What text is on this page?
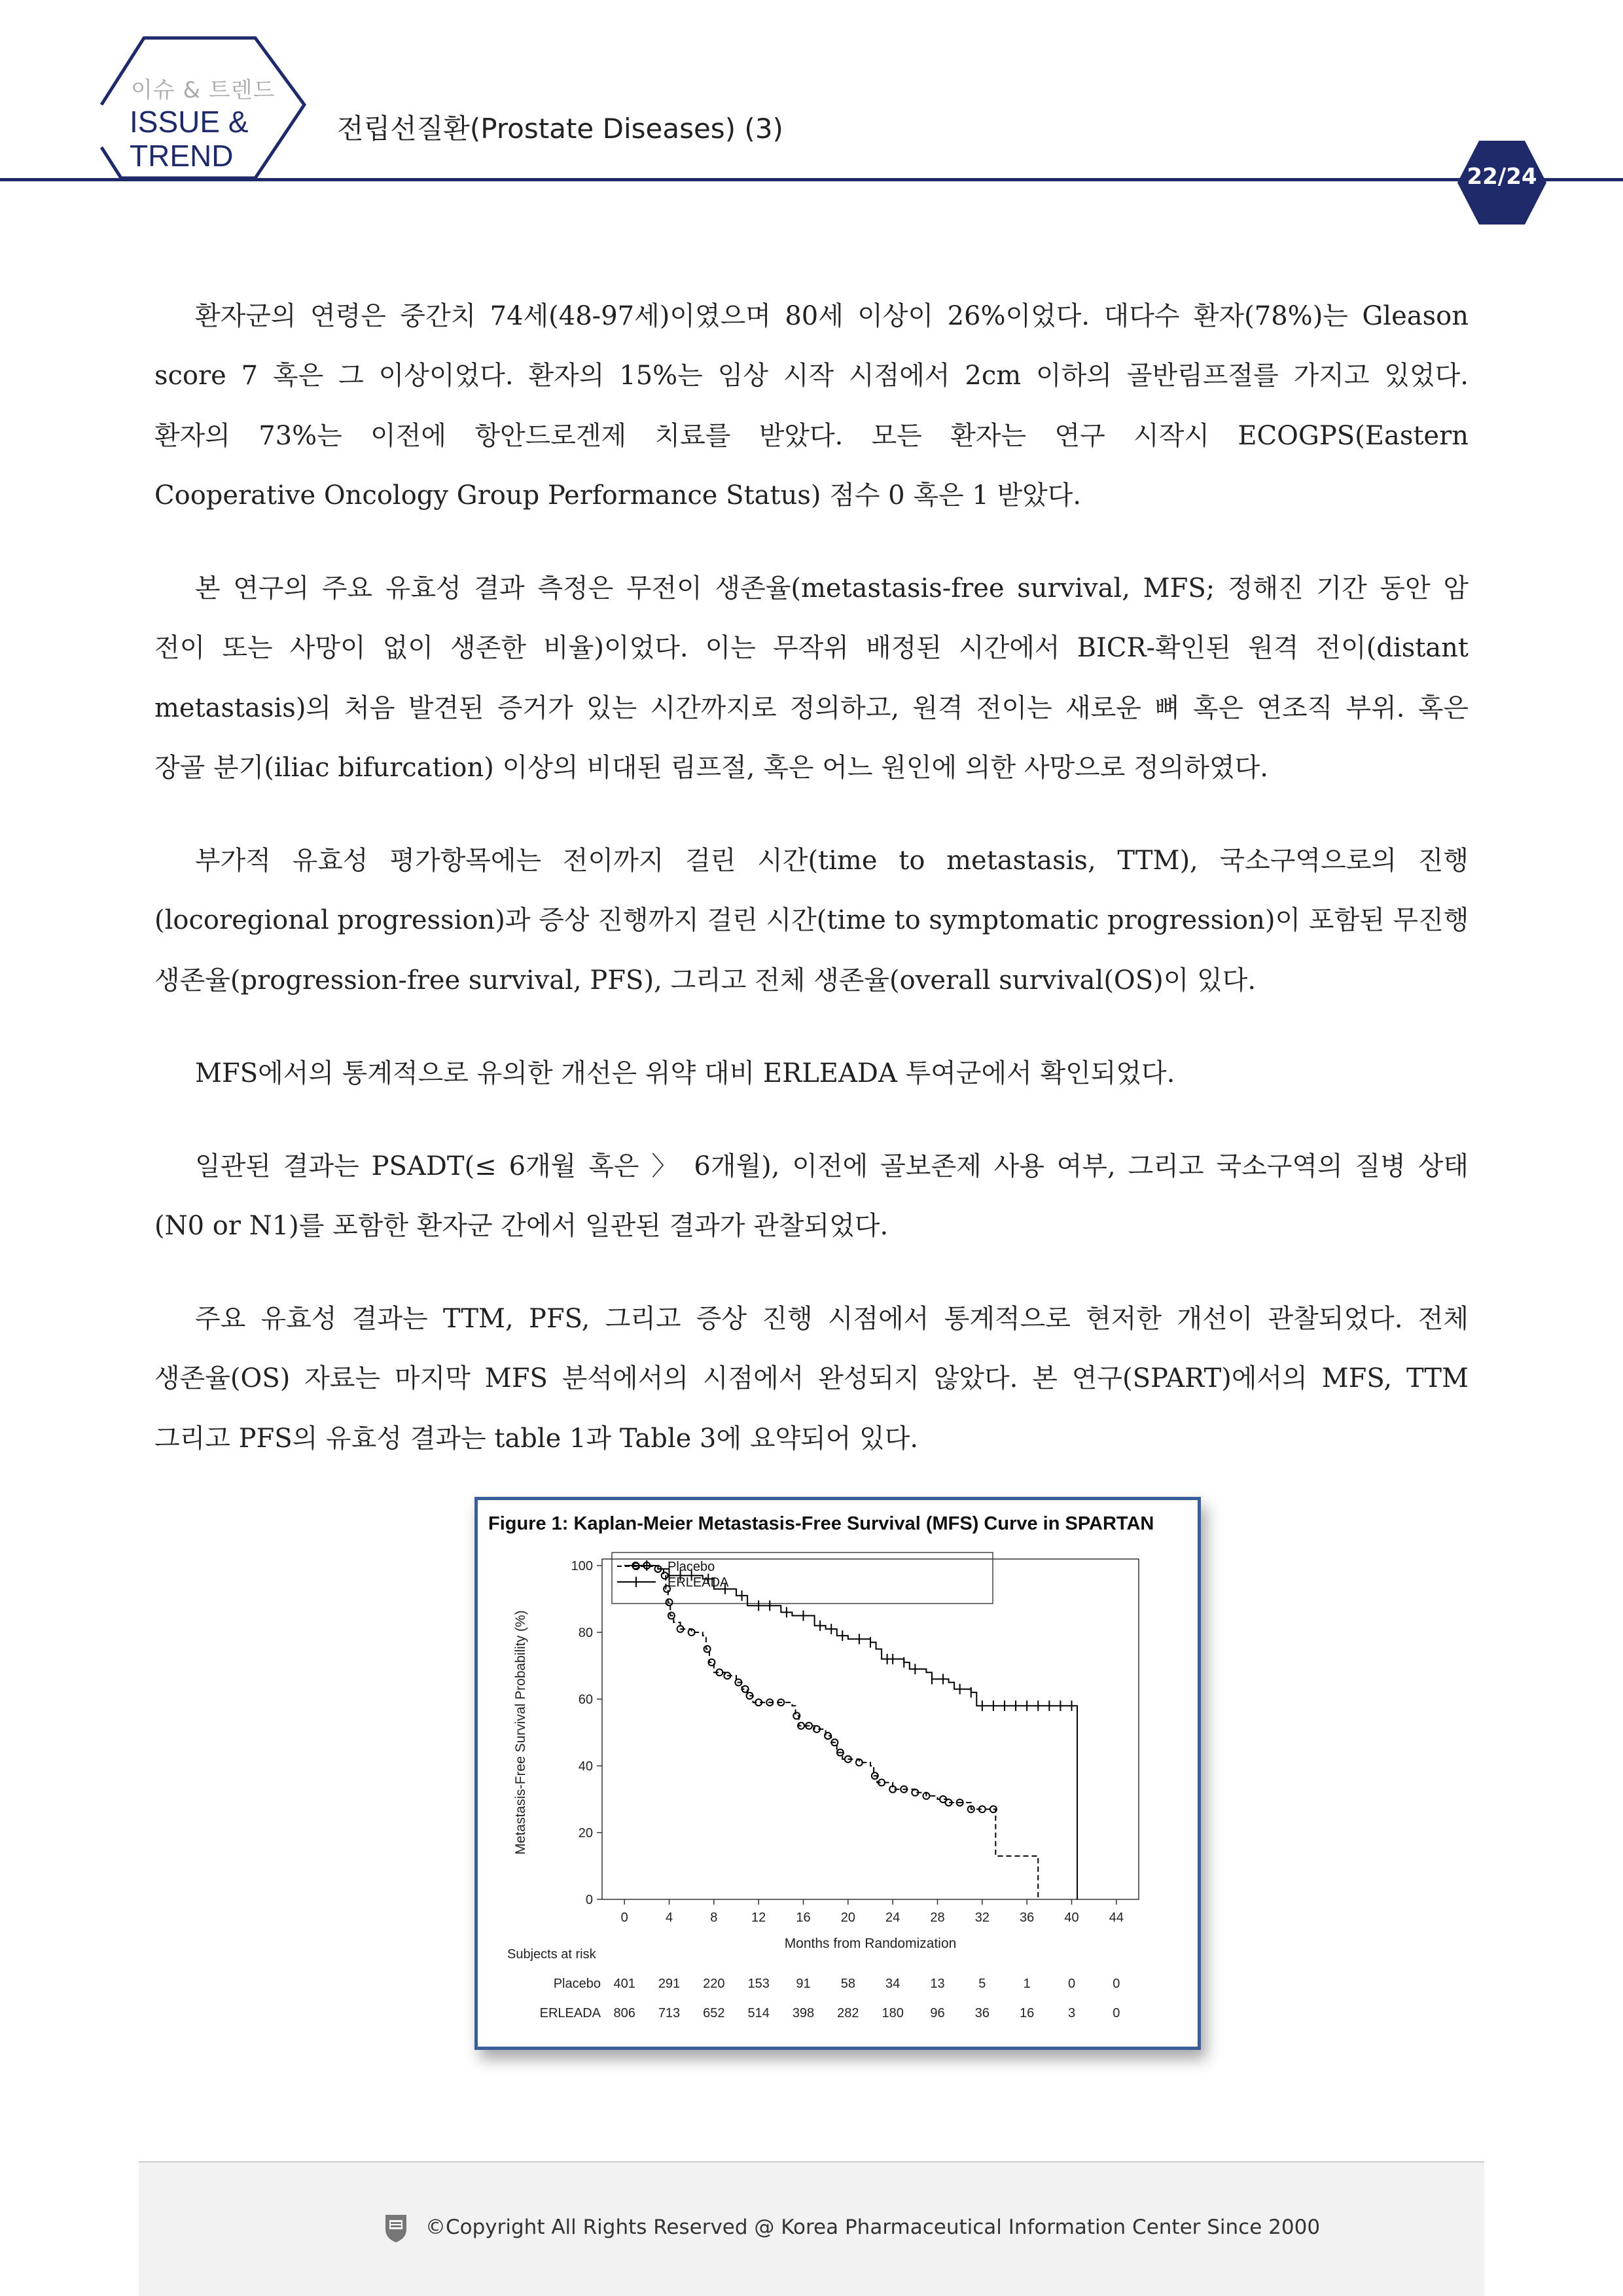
이슈 & 트렌드
ISSUE &
TREND
전립선질환(Prostate Diseases) (3)
22/24
환자군의 연령은 중간치 74세(48-97세)이였으며 80세 이상이 26%이었다. 대다수 환자(78%)는 Gleason
score 7 혹은 그 이상이었다. 환자의 15%는 임상 시작 시점에서 2cm 이하의 골반림프절를 가지고 있었다.
환자의 73%는 이전에 항안드로겐제 치료를 받았다. 모든 환자는 연구 시작시 ECOGPS(Eastern
Cooperative Oncology Group Performance Status) 점수 0 혹은 1 받았다.
본 연구의 주요 유효성 결과 측정은 무전이 생존율(metastasis-free survival, MFS; 정해진 기간 동안 암
전이 또는 사망이 없이 생존한 비율)이었다. 이는 무작위 배정된 시간에서 BICR-확인된 원격 전이(distant
metastasis)의 처음 발견된 증거가 있는 시간까지로 정의하고, 원격 전이는 새로운 뼈 혹은 연조직 부위. 혹은
장골 분기(iliac bifurcation) 이상의 비대된 림프절, 혹은 어느 원인에 의한 사망으로 정의하였다.
부가적 유효성 평가항목에는 전이까지 걸린 시간(time to metastasis, TTM), 국소구역으로의 진행
(locoregional progression)과 증상 진행까지 걸린 시간(time to symptomatic progression)이 포함된 무진행
생존율(progression-free survival, PFS), 그리고 전체 생존율(overall survival(OS)이 있다.
MFS에서의 통계적으로 유의한 개선은 위약 대비 ERLEADA 투여군에서 확인되었다.
일관된 결과는 PSADT(≤ 6개월 혹은 〉 6개월), 이전에 골보존제 사용 여부, 그리고 국소구역의 질병 상태
(N0 or N1)를 포함한 환자군 간에서 일관된 결과가 관찰되었다.
주요 유효성 결과는 TTM, PFS, 그리고 증상 진행 시점에서 통계적으로 현저한 개선이 관찰되었다. 전체
생존율(OS) 자료는 마지막 MFS 분석에서의 시점에서 완성되지 않았다. 본 연구(SPART)에서의 MFS, TTM
그리고 PFS의 유효성 결과는 table 1과 Table 3에 요약되어 있다.
Figure 1: Kaplan-Meier Metastasis-Free Survival (MFS) Curve in SPARTAN
Placebo
ERLEADA
0
20
40
60
80
100
0	4	8	12 16 20 24 28 32 36 40 44
Months from Randomization
Metastasis-Free Survival Probability (%)
Subjects at risk
Placebo 401 291 220 153 91 58 34 13	5	1	0	0
ERLEADA 806 713 652 514 398 282 180 96 36 16	3	0
©Copyright All Rights Reserved @ Korea Pharmaceutical Information Center Since 2000
